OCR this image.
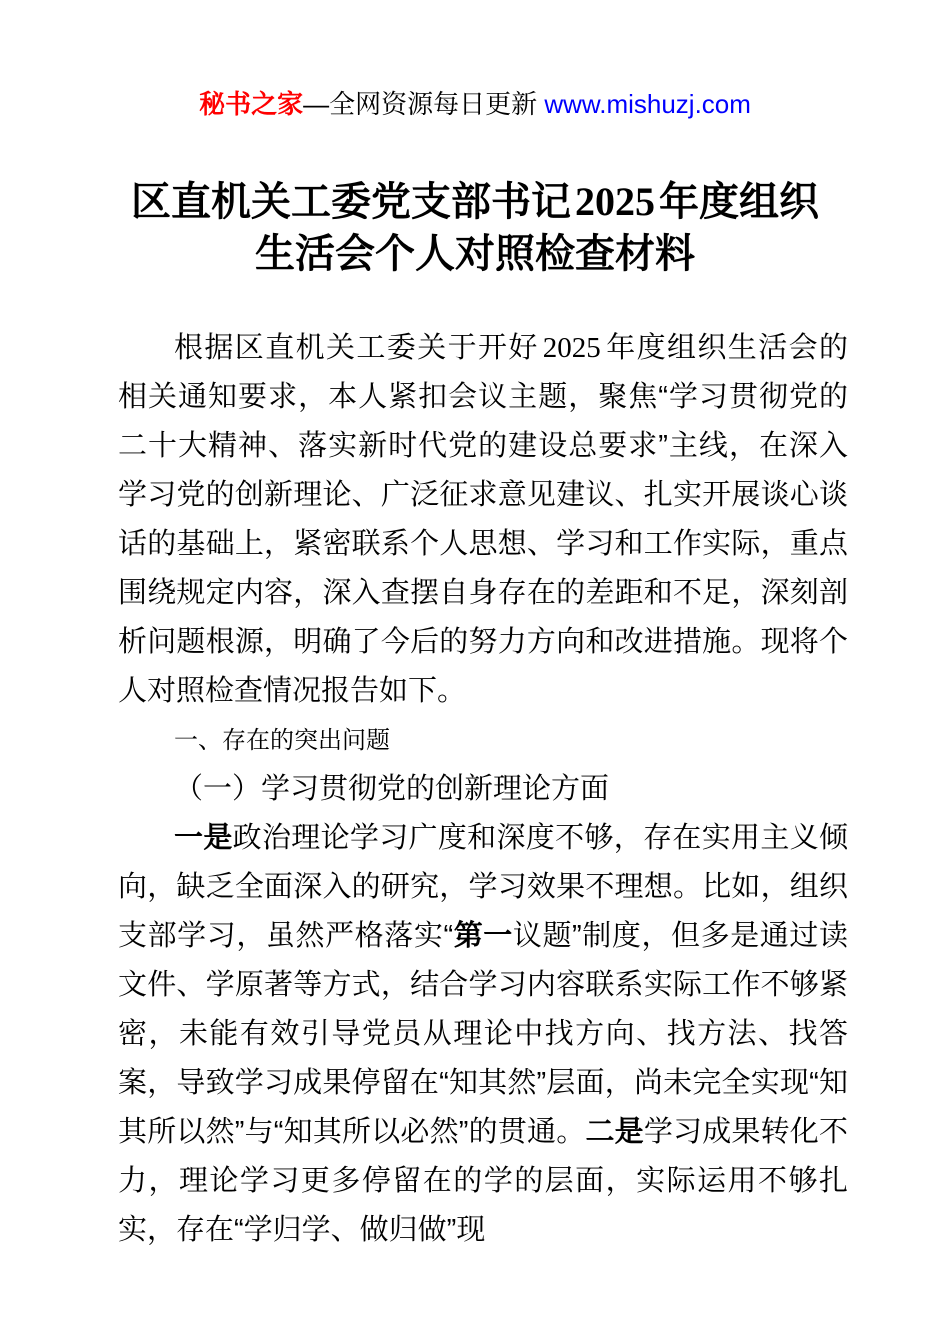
秘书之家—全网资源每日更新 www.mishuzj.com
区直机关工委党支部书记 2025 年度组织
生活会个人对照检查材料

根据区直机关工委关于开好 2025 年度组织生活会的相关通知要求，本人紧扣会议主题，聚焦“学习贯彻党的二十大精神、落实新时代党的建设总要求”主线，在深入学习党的创新理论、广泛征求意见建议、扎实开展谈心谈话的基础上，紧密联系个人思想、学习和工作实际，重点围绕规定内容，深入查摆自身存在的差距和不足，深刻剖析问题根源，明确了今后的努力方向和改进措施。现将个人对照检查情况报告如下。

一、存在的突出问题

（一）学习贯彻党的创新理论方面

一是政治理论学习广度和深度不够，存在实用主义倾向，缺乏全面深入的研究，学习效果不理想。比如，组织支部学习，虽然严格落实“第一议题”制度，但多是通过读文件、学原著等方式，结合学习内容联系实际工作不够紧密，未能有效引导党员从理论中找方向、找方法、找答案，导致学习成果停留在“知其然”层面，尚未完全实现“知其所以然”与“知其所以必然”的贯通。二是学习成果转化不力，理论学习更多停留在的学的层面，实际运用不够扎实，存在“学归学、做归做”现
